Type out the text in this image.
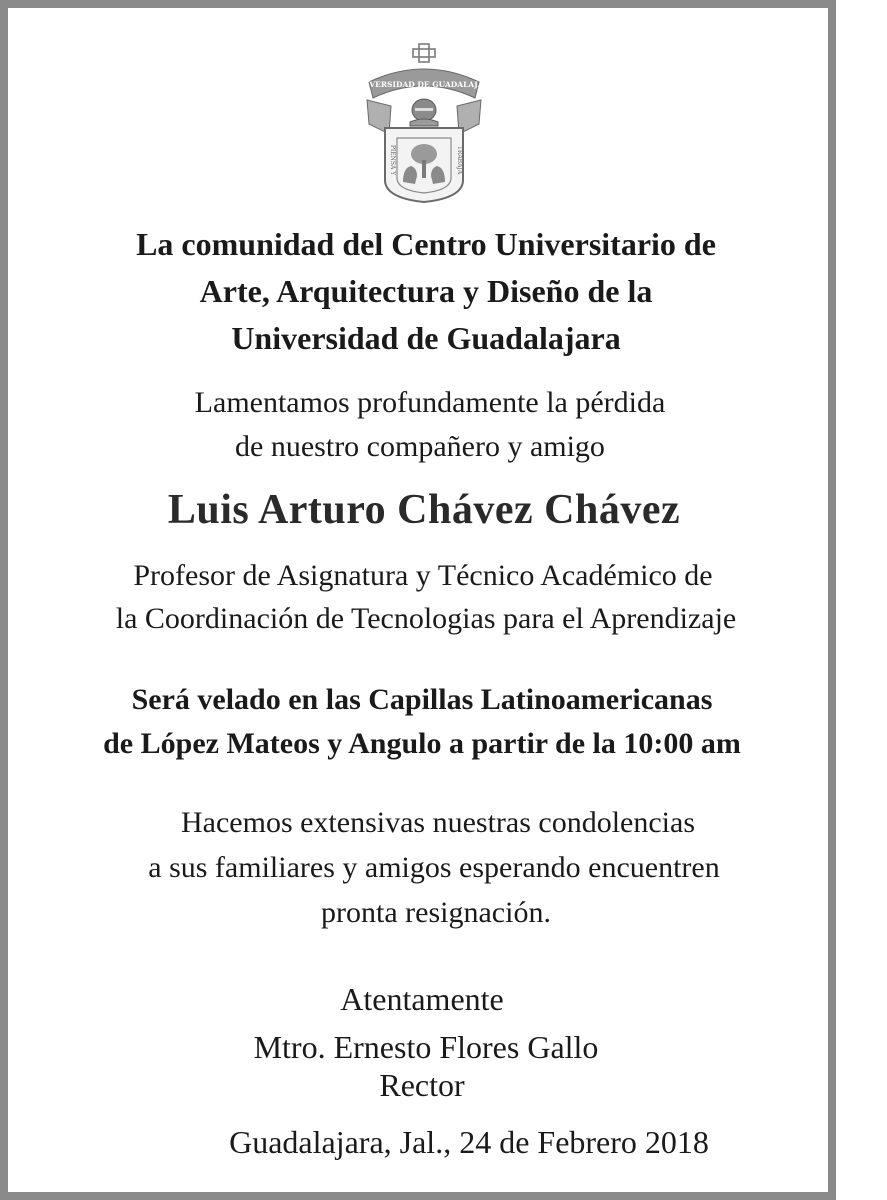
UNIVERSIDAD DE GUADALAJARA
PIENSA Y	TRABAJA
La comunidad del Centro Universitario de
Arte, Arquitectura y Diseño de la
Universidad de Guadalajara
Lamentamos profundamente la pérdida
de nuestro compañero y amigo
Luis Arturo Chávez Chávez
Profesor de Asignatura y Técnico Académico de
la Coordinación de Tecnologias para el Aprendizaje
Será velado en las Capillas Latinoamericanas
de López Mateos y Angulo a partir de la 10:00 am
Hacemos extensivas nuestras condolencias
a sus familiares y amigos esperando encuentren
pronta resignación.
Atentamente
Mtro. Ernesto Flores Gallo
Rector
Guadalajara, Jal., 24 de Febrero 2018
